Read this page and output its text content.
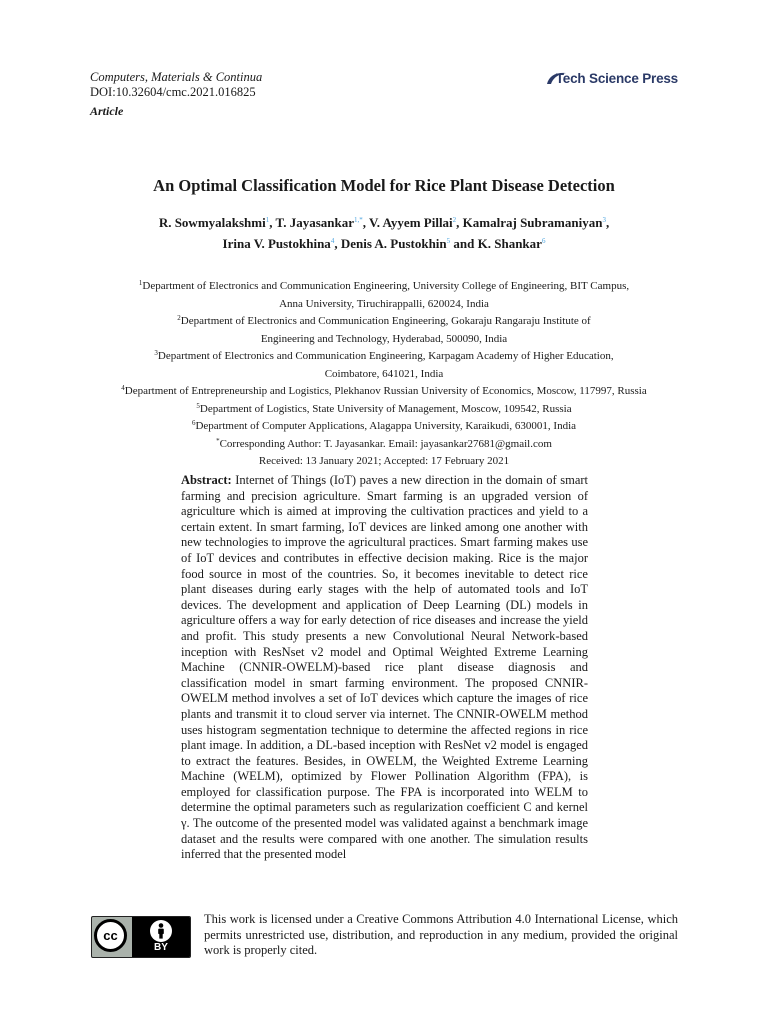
Computers, Materials & Continua
DOI:10.32604/cmc.2021.016825
Article
Tech Science Press
An Optimal Classification Model for Rice Plant Disease Detection
R. Sowmyalakshmi$^1$, T. Jayasankar$^{1,*}$, V. Ayyem Pillai$^2$, Kamalraj Subramaniyan$^3$,
Irina V. Pustokhina$^4$, Denis A. Pustokhin$^5$ and K. Shankar$^6$
$^1$Department of Electronics and Communication Engineering, University College of Engineering, BIT Campus,
Anna University, Tiruchirappalli, 620024, India
$^2$Department of Electronics and Communication Engineering, Gokaraju Rangaraju Institute of
Engineering and Technology, Hyderabad, 500090, India
$^3$Department of Electronics and Communication Engineering, Karpagam Academy of Higher Education,
Coimbatore, 641021, India
$^4$Department of Entrepreneurship and Logistics, Plekhanov Russian University of Economics, Moscow, 117997, Russia
$^5$Department of Logistics, State University of Management, Moscow, 109542, Russia
$^6$Department of Computer Applications, Alagappa University, Karaikudi, 630001, India
*Corresponding Author: T. Jayasankar. Email: jayasankar27681@gmail.com
Received: 13 January 2021; Accepted: 17 February 2021
Abstract: Internet of Things (IoT) paves a new direction in the domain of smart farming and precision agriculture. Smart farming is an upgraded version of agriculture which is aimed at improving the cultivation practices and yield to a certain extent. In smart farming, IoT devices are linked among one another with new technologies to improve the agricultural practices. Smart farming makes use of IoT devices and contributes in effective decision making. Rice is the major food source in most of the countries. So, it becomes inevitable to detect rice plant diseases during early stages with the help of automated tools and IoT devices. The development and application of Deep Learning (DL) models in agriculture offers a way for early detection of rice diseases and increase the yield and profit. This study presents a new Convolutional Neural Network-based inception with ResNset v2 model and Optimal Weighted Extreme Learning Machine (CNNIR-OWELM)-based rice plant disease diagnosis and classification model in smart farming environment. The proposed CNNIR-OWELM method involves a set of IoT devices which capture the images of rice plants and transmit it to cloud server via internet. The CNNIR-OWELM method uses histogram segmentation technique to determine the affected regions in rice plant image. In addition, a DL-based inception with ResNet v2 model is engaged to extract the features. Besides, in OWELM, the Weighted Extreme Learning Machine (WELM), optimized by Flower Pollination Algorithm (FPA), is employed for classification purpose. The FPA is incorporated into WELM to determine the optimal parameters such as regularization coefficient C and kernel γ. The outcome of the presented model was validated against a benchmark image dataset and the results were compared with one another. The simulation results inferred that the presented model
cc
BY
This work is licensed under a Creative Commons Attribution 4.0 International License, which permits unrestricted use, distribution, and reproduction in any medium, provided the original work is properly cited.
